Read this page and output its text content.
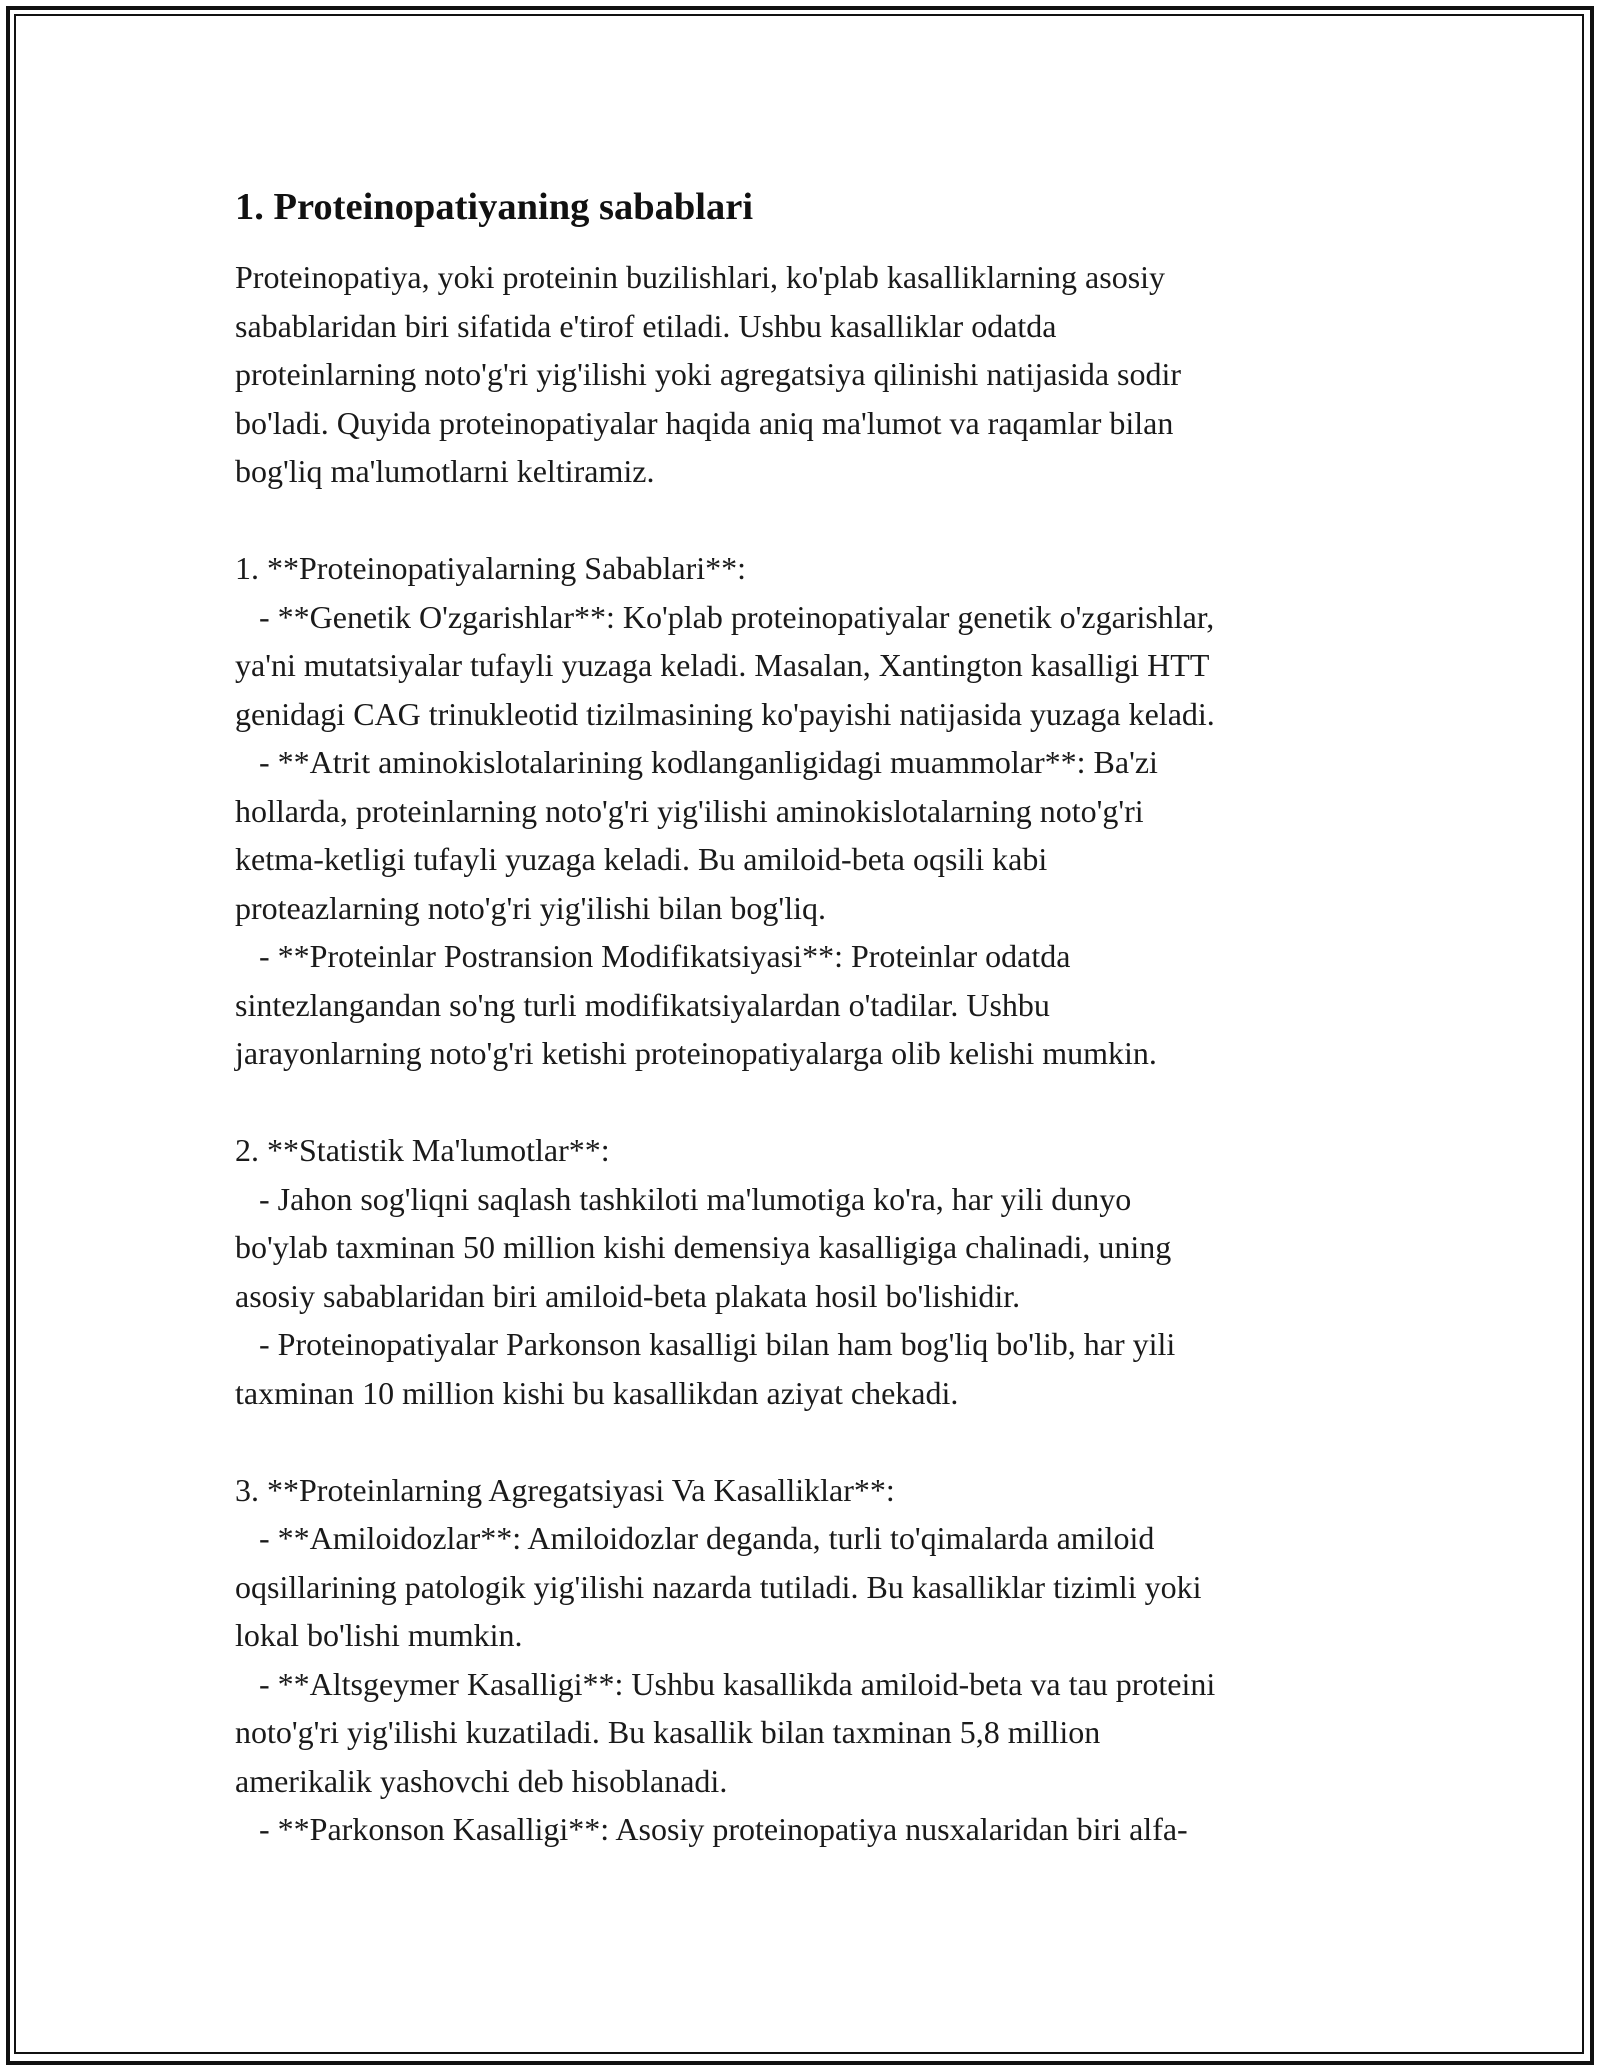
1. Proteinopatiyaning sabablari
Proteinopatiya, yoki proteinin buzilishlari, ko'plab kasalliklarning asosiy
sabablaridan biri sifatida e'tirof etiladi. Ushbu kasalliklar odatda
proteinlarning noto'g'ri yig'ilishi yoki agregatsiya qilinishi natijasida sodir
bo'ladi. Quyida proteinopatiyalar haqida aniq ma'lumot va raqamlar bilan
bog'liq ma'lumotlarni keltiramiz.
1. **Proteinopatiyalarning Sabablari**:
- **Genetik O'zgarishlar**: Ko'plab proteinopatiyalar genetik o'zgarishlar,
ya'ni mutatsiyalar tufayli yuzaga keladi. Masalan, Xantington kasalligi HTT
genidagi CAG trinukleotid tizilmasining ko'payishi natijasida yuzaga keladi.
- **Atrit aminokislotalarining kodlanganligidagi muammolar**: Ba'zi
hollarda, proteinlarning noto'g'ri yig'ilishi aminokislotalarning noto'g'ri
ketma-ketligi tufayli yuzaga keladi. Bu amiloid-beta oqsili kabi
proteazlarning noto'g'ri yig'ilishi bilan bog'liq.
- **Proteinlar Postransion Modifikatsiyasi**: Proteinlar odatda
sintezlangandan so'ng turli modifikatsiyalardan o'tadilar. Ushbu
jarayonlarning noto'g'ri ketishi proteinopatiyalarga olib kelishi mumkin.
2. **Statistik Ma'lumotlar**:
- Jahon sog'liqni saqlash tashkiloti ma'lumotiga ko'ra, har yili dunyo
bo'ylab taxminan 50 million kishi demensiya kasalligiga chalinadi, uning
asosiy sabablaridan biri amiloid-beta plakata hosil bo'lishidir.
- Proteinopatiyalar Parkonson kasalligi bilan ham bog'liq bo'lib, har yili
taxminan 10 million kishi bu kasallikdan aziyat chekadi.
3. **Proteinlarning Agregatsiyasi Va Kasalliklar**:
- **Amiloidozlar**: Amiloidozlar deganda, turli to'qimalarda amiloid
oqsillarining patologik yig'ilishi nazarda tutiladi. Bu kasalliklar tizimli yoki
lokal bo'lishi mumkin.
- **Altsgeymer Kasalligi**: Ushbu kasallikda amiloid-beta va tau proteini
noto'g'ri yig'ilishi kuzatiladi. Bu kasallik bilan taxminan 5,8 million
amerikalik yashovchi deb hisoblanadi.
- **Parkonson Kasalligi**: Asosiy proteinopatiya nusxalaridan biri alfa-
